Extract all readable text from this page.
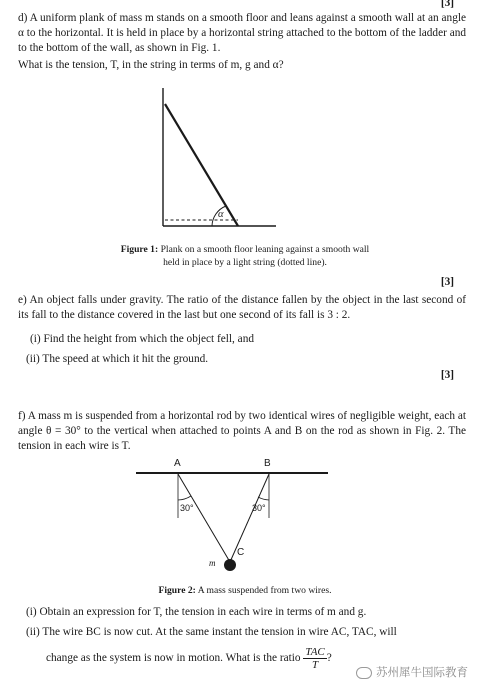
[3]
d) A uniform plank of mass m stands on a smooth floor and leans against a smooth wall at an angle α to the horizontal. It is held in place by a horizontal string attached to the bottom of the ladder and to the bottom of the wall, as shown in Fig. 1.
What is the tension, T, in the string in terms of m, g and α?
α
Figure 1: Plank on a smooth floor leaning against a smooth wall
held in place by a light string (dotted line).
[3]
e) An object falls under gravity. The ratio of the distance fallen by the object in the last second of its fall to the distance covered in the last but one second of its fall is 3 : 2.
(i) Find the height from which the object fell, and
(ii) The speed at which it hit the ground.
[3]
f) A mass m is suspended from a horizontal rod by two identical wires of negligible weight, each at angle θ = 30° to the vertical when attached to points A and B on the rod as shown in Fig. 2. The tension in each wire is T.
A	B
30°	30°
C
m
Figure 2: A mass suspended from two wires.
(i) Obtain an expression for T, the tension in each wire in terms of m and g.
(ii) The wire BC is now cut. At the same instant the tension in wire AC, TAC, will
change as the system is now in motion. What is the ratio $\frac{\text{TAC}}{T}$ ?
苏州犀牛国际教育
